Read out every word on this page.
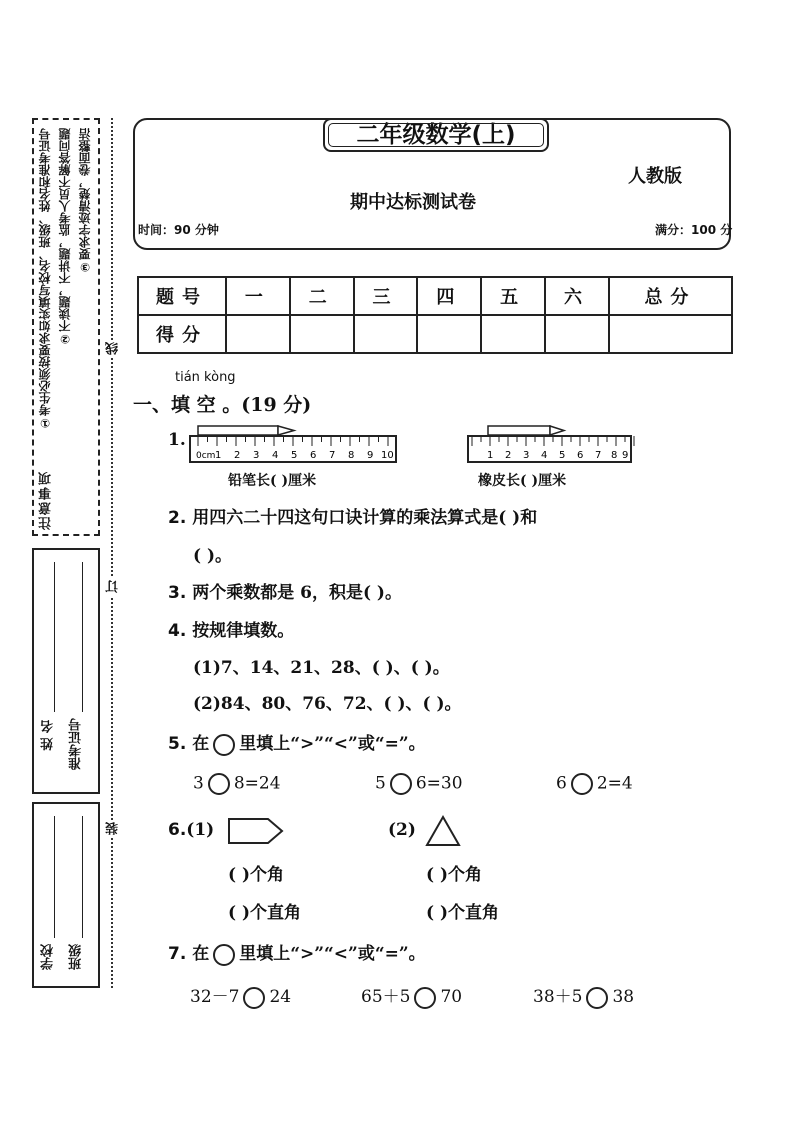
①考生必须按要求如实填写校名、班级、姓名和准考证号 ②不读题，不讲题，监考人员不解答问题 ③要求字迹清楚，卷面整洁
注意事项
姓 名 准考证号
学校 班级
线
订
装
二年级数学(上)
人教版
期中达标测试卷
时间：90 分钟	满分：100 分
题号	一	二	三	四	五	六	总分
得分							
tián kòng
一、填 空 。(19 分)
1.
0cm 1 2 3 4 5 6 7 8 9 10
铅笔长( )厘米
1 2 3 4 5 6 7 8 9
橡皮长( )厘米
2. 用四六二十四这句口诀计算的乘法算式是( )和
( )。
3. 两个乘数都是 6，积是( )。
4. 按规律填数。
(1)7、14、21、28、( )、( )。
(2)84、80、76、72、( )、( )。
5. 在 里填上“>”“<”或“=”。
3 8=24	5 6=30	6 2=4
6.(1)	(2)
( )个角	( )个角
( )个直角	( )个直角
7. 在 里填上“>”“<”或“=”。
32－7 24	65＋5 70	38＋5 38
